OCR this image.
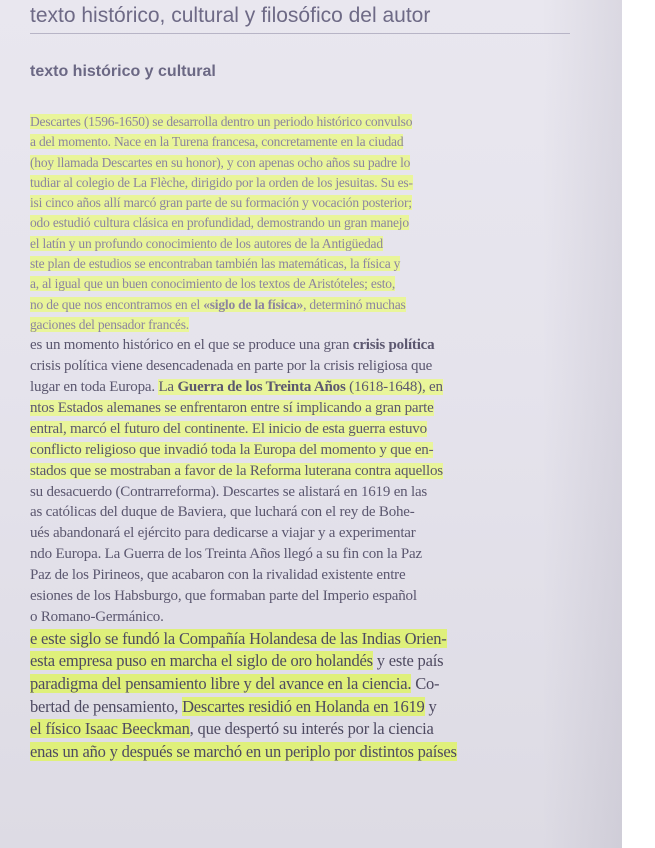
texto histórico, cultural y filosófico del autor
texto histórico y cultural
Descartes (1596-1650) se desarrolla dentro un periodo histórico convulso
a del momento. Nace en la Turena francesa, concretamente en la ciudad
(hoy llamada Descartes en su honor), y con apenas ocho años su padre lo
tudiar al colegio de La Flèche, dirigido por la orden de los jesuitas. Su es-
isi cinco años allí marcó gran parte de su formación y vocación posterior;
odo estudió cultura clásica en profundidad, demostrando un gran manejo
el latín y un profundo conocimiento de los autores de la Antigüedad
ste plan de estudios se encontraban también las matemáticas, la física y
a, al igual que un buen conocimiento de los textos de Aristóteles; esto,
no de que nos encontramos en el «siglo de la física», determinó muchas
gaciones del pensador francés.
es un momento histórico en el que se produce una gran crisis política
crisis política viene desencadenada en parte por la crisis religiosa que
lugar en toda Europa. La Guerra de los Treinta Años (1618-1648), en
ntos Estados alemanes se enfrentaron entre sí implicando a gran parte
entral, marcó el futuro del continente. El inicio de esta guerra estuvo
conflicto religioso que invadió toda la Europa del momento y que en-
stados que se mostraban a favor de la Reforma luterana contra aquellos
su desacuerdo (Contrarreforma). Descartes se alistará en 1619 en las
as católicas del duque de Baviera, que luchará con el rey de Bohe-
ués abandonará el ejército para dedicarse a viajar y a experimentar
ndo Europa. La Guerra de los Treinta Años llegó a su fin con la Paz
Paz de los Pirineos, que acabaron con la rivalidad existente entre
esiones de los Habsburgo, que formaban parte del Imperio español
o Romano-Germánico.
e este siglo se fundó la Compañía Holandesa de las Indias Orien-
esta empresa puso en marcha el siglo de oro holandés y este país
paradigma del pensamiento libre y del avance en la ciencia. Co-
bertad de pensamiento, Descartes residió en Holanda en 1619 y
el físico Isaac Beeckman, que despertó su interés por la ciencia
enas un año y después se marchó en un periplo por distintos países
